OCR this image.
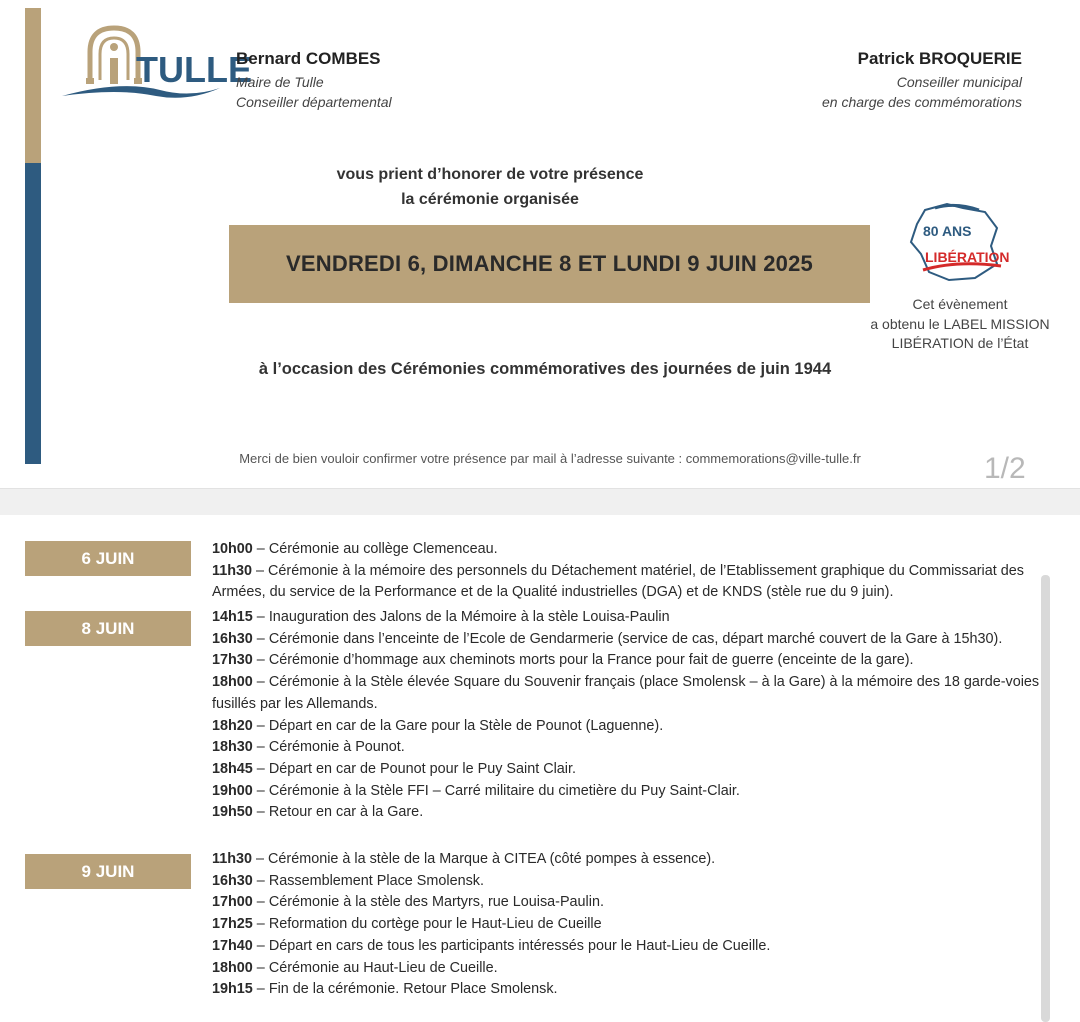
TULLE

Bernard COMBES

Maire de Tulle

Conseiller départemental

Patrick BROQUERIE

Conseiller municipal

en charge des commémorations

vous prient d’honorer de votre présence
la cérémonie organisée
VENDREDI 6, DIMANCHE 8 ET LUNDI 9 JUIN 2025
80 ANS
LIBÉRATION
Cet évènement
a obtenu le LABEL MISSION
LIBÉRATION de l’État
à l’occasion des Cérémonies commémoratives des journées de juin 1944
Merci de bien vouloir confirmer votre présence par mail à l’adresse suivante : commemorations@ville-tulle.fr	1/2
6 JUIN	10h00 – Cérémonie au collège Clemenceau.

11h30 – Cérémonie à la mémoire des personnels du Détachement matériel, de l’Etablissement graphique du Commissariat des Armées, du service de la Performance et de la Qualité industrielles (DGA) et de KNDS (stèle rue du 9 juin).

8 JUIN

14h15 – Inauguration des Jalons de la Mémoire à la stèle Louisa-Paulin

16h30 – Cérémonie dans l’enceinte de l’Ecole de Gendarmerie (service de cas, départ marché couvert de la Gare à 15h30).

17h30 – Cérémonie d’hommage aux cheminots morts pour la France pour fait de guerre (enceinte de la gare).

18h00 – Cérémonie à la Stèle élevée Square du Souvenir français (place Smolensk – à la Gare) à la mémoire des 18 garde-voies fusillés par les Allemands.

18h20 – Départ en car de la Gare pour la Stèle de Pounot (Laguenne).

18h30 – Cérémonie à Pounot.

18h45 – Départ en car de Pounot pour le Puy Saint Clair.

19h00 – Cérémonie à la Stèle FFI – Carré militaire du cimetière du Puy Saint-Clair.

19h50 – Retour en car à la Gare.

9 JUIN

11h30 – Cérémonie à la stèle de la Marque à CITEA (côté pompes à essence).

16h30 – Rassemblement Place Smolensk.

17h00 – Cérémonie à la stèle des Martyrs, rue Louisa-Paulin.

17h25 – Reformation du cortège pour le Haut-Lieu de Cueille

17h40 – Départ en cars de tous les participants intéressés pour le Haut-Lieu de Cueille.

18h00 – Cérémonie au Haut-Lieu de Cueille.

19h15 – Fin de la cérémonie. Retour Place Smolensk.
